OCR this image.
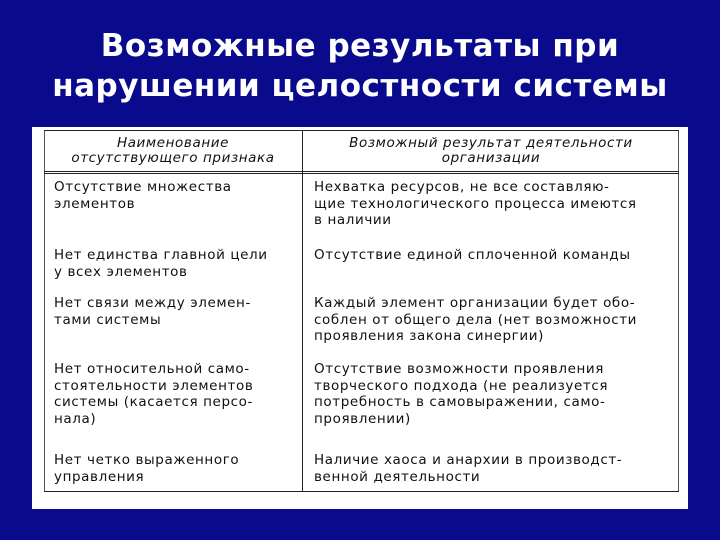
Возможные результаты при
нарушении целостности системы
Наименование
отсутствующего признака
Возможный результат деятельности
организации
Отсутствие множества
элементов
Нехватка ресурсов, не все составляю-
щие технологического процесса имеются
в наличии
Нет единства главной цели
у всех элементов
Отсутствие единой сплоченной команды
Нет связи между элемен-
тами системы
Каждый элемент организации будет обо-
соблен от общего дела (нет возможности
проявления закона синергии)
Нет относительной само-
стоятельности элементов
системы (касается персо-
нала)
Отсутствие возможности проявления
творческого подхода (не реализуется
потребность в самовыражении, само-
проявлении)
Нет четко выраженного
управления
Наличие хаоса и анархии в производст-
венной деятельности
